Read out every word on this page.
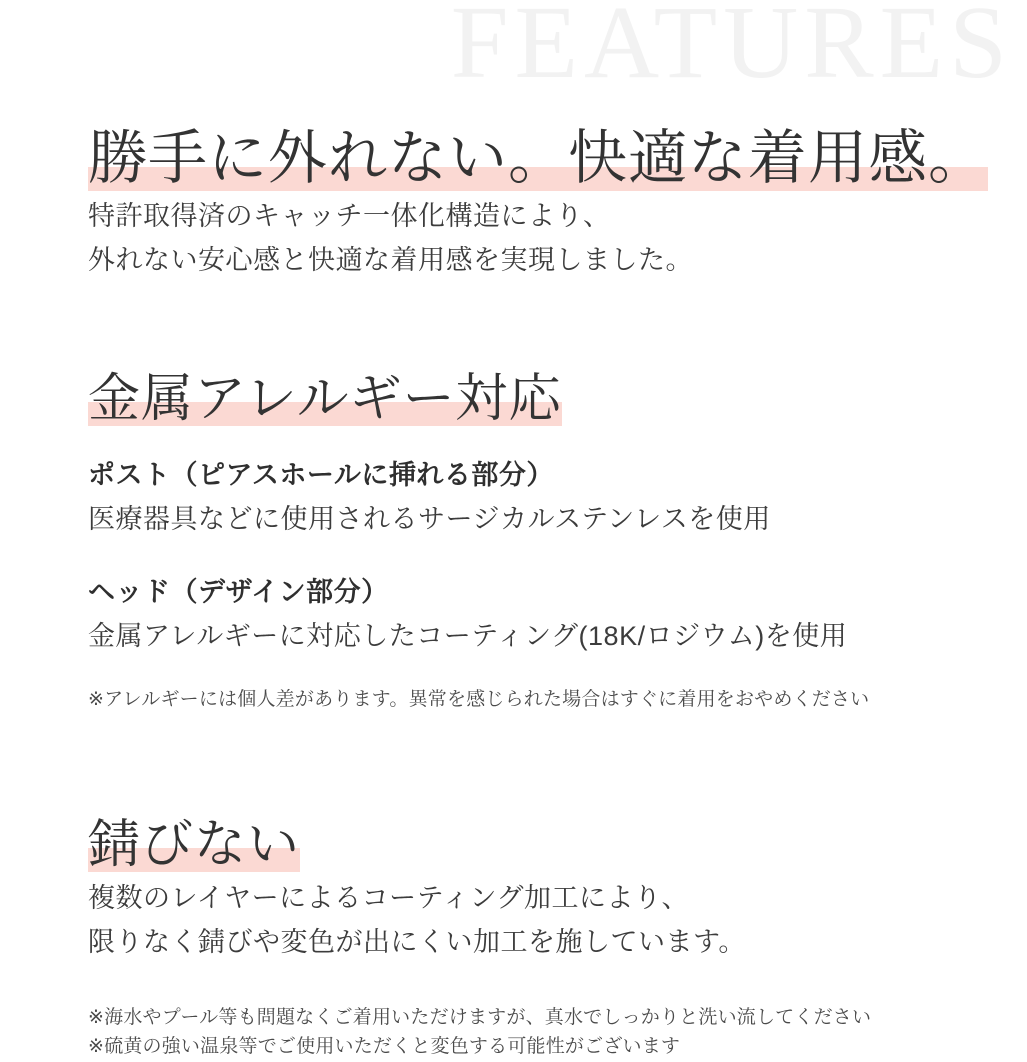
FEATURES
勝手に外れない。快適な着用感。
特許取得済のキャッチ一体化構造により、
外れない安心感と快適な着用感を実現しました。
金属アレルギー対応
ポスト（ピアスホールに挿れる部分）
医療器具などに使用されるサージカルステンレスを使用
ヘッド（デザイン部分）
金属アレルギーに対応したコーティング(18K/ロジウム)を使用
※アレルギーには個人差があります。異常を感じられた場合はすぐに着用をおやめください
錆びない
複数のレイヤーによるコーティング加工により、
限りなく錆びや変色が出にくい加工を施しています。
※海水やプール等も問題なくご着用いただけますが、真水でしっかりと洗い流してください
※硫黄の強い温泉等でご使用いただくと変色する可能性がございます
